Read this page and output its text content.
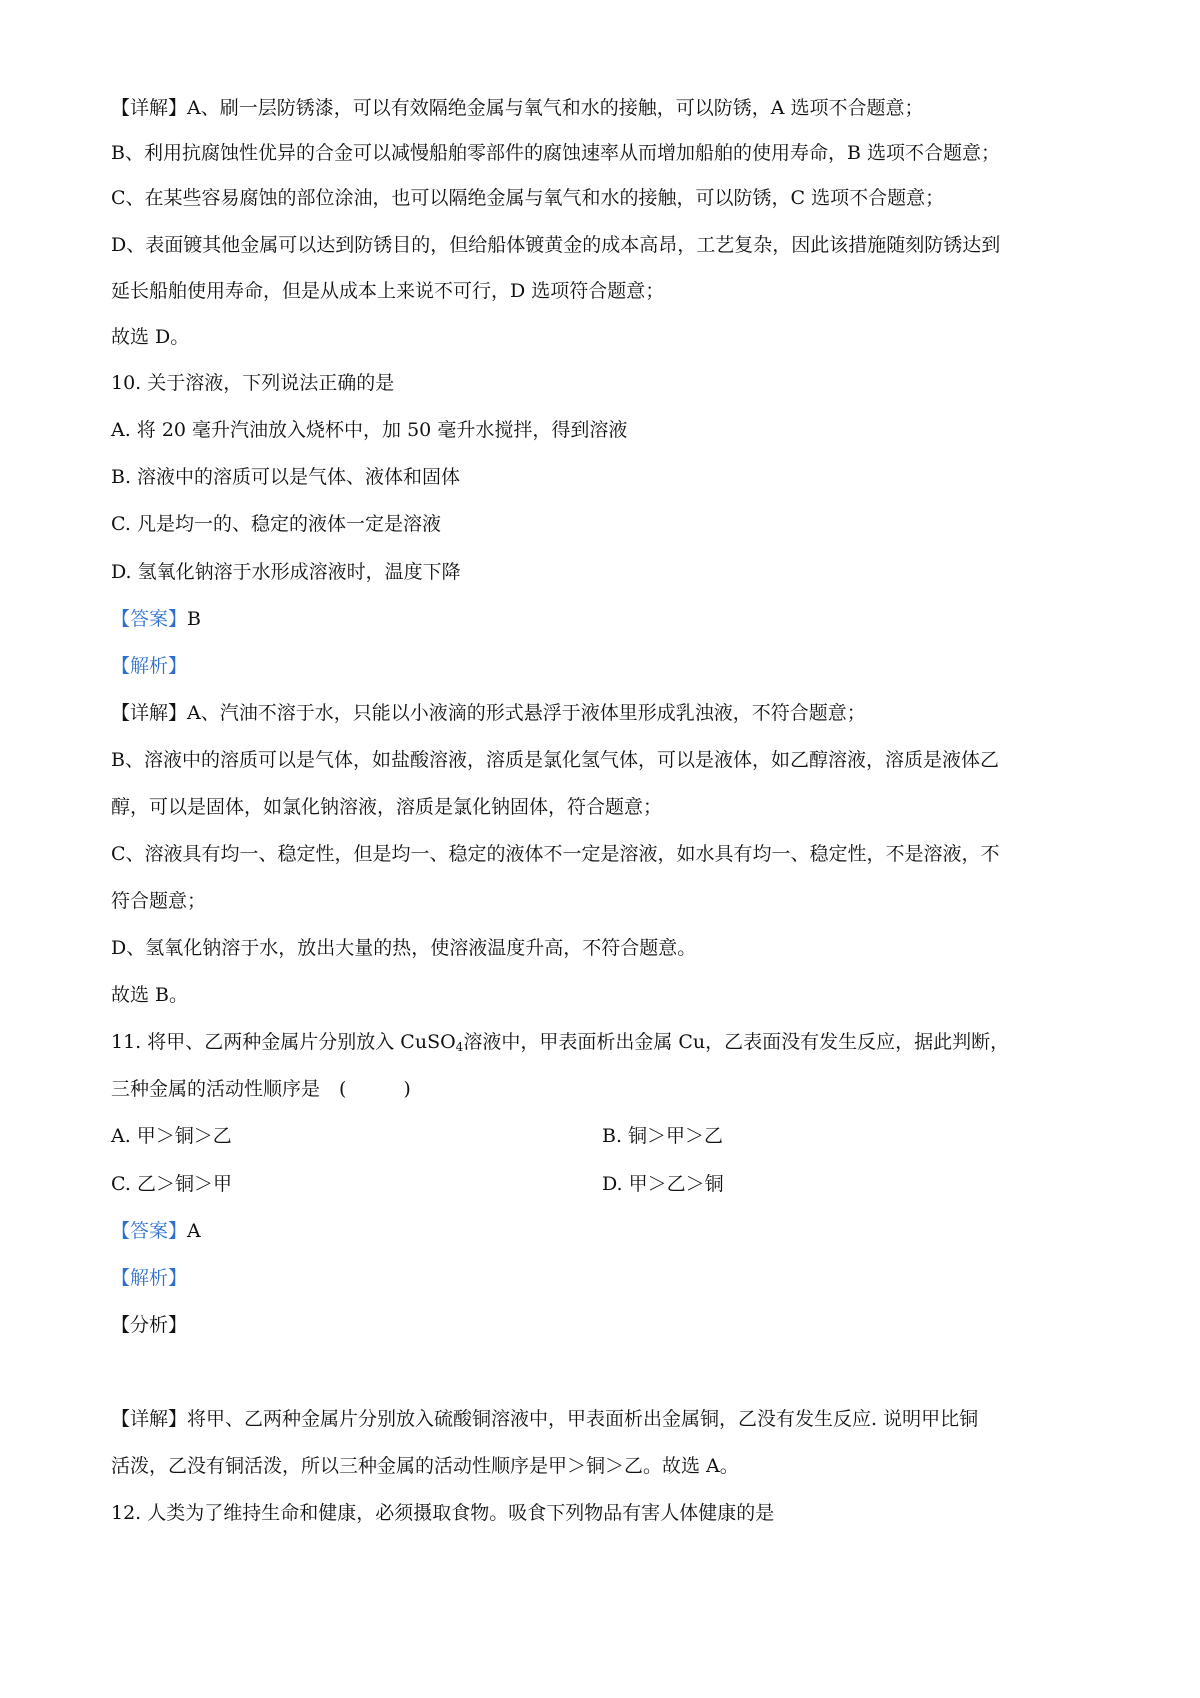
【详解】A、刷一层防锈漆，可以有效隔绝金属与氧气和水的接触，可以防锈，A 选项不合题意；
B、利用抗腐蚀性优异的合金可以减慢船舶零部件的腐蚀速率从而增加船舶的使用寿命，B 选项不合题意；
C、在某些容易腐蚀的部位涂油，也可以隔绝金属与氧气和水的接触，可以防锈，C 选项不合题意；
D、表面镀其他金属可以达到防锈目的，但给船体镀黄金的成本高昂，工艺复杂，因此该措施随刻防锈达到
延长船舶使用寿命，但是从成本上来说不可行，D 选项符合题意；
故选 D。
10. 关于溶液，下列说法正确的是
A. 将 20 毫升汽油放入烧杯中，加 50 毫升水搅拌，得到溶液
B. 溶液中的溶质可以是气体、液体和固体
C. 凡是均一的、稳定的液体一定是溶液
D. 氢氧化钠溶于水形成溶液时，温度下降
【答案】B
【解析】
【详解】A、汽油不溶于水，只能以小液滴的形式悬浮于液体里形成乳浊液，不符合题意；
B、溶液中的溶质可以是气体，如盐酸溶液，溶质是氯化氢气体，可以是液体，如乙醇溶液，溶质是液体乙
醇，可以是固体，如氯化钠溶液，溶质是氯化钠固体，符合题意；
C、溶液具有均一、稳定性，但是均一、稳定的液体不一定是溶液，如水具有均一、稳定性，不是溶液，不
符合题意；
D、氢氧化钠溶于水，放出大量的热，使溶液温度升高，不符合题意。
故选 B。
11. 将甲、乙两种金属片分别放入 CuSO$_4$溶液中，甲表面析出金属 Cu，乙表面没有发生反应，据此判断，
三种金属的活动性顺序是　(　　　)
A. 甲＞铜＞乙	B. 铜＞甲＞乙
C. 乙＞铜＞甲	D. 甲＞乙＞铜
【答案】A
【解析】
【分析】
【详解】将甲、乙两种金属片分别放入硫酸铜溶液中，甲表面析出金属铜，乙没有发生反应. 说明甲比铜
活泼，乙没有铜活泼，所以三种金属的活动性顺序是甲＞铜＞乙。故选 A。
12. 人类为了维持生命和健康，必须摄取食物。吸食下列物品有害人体健康的是
